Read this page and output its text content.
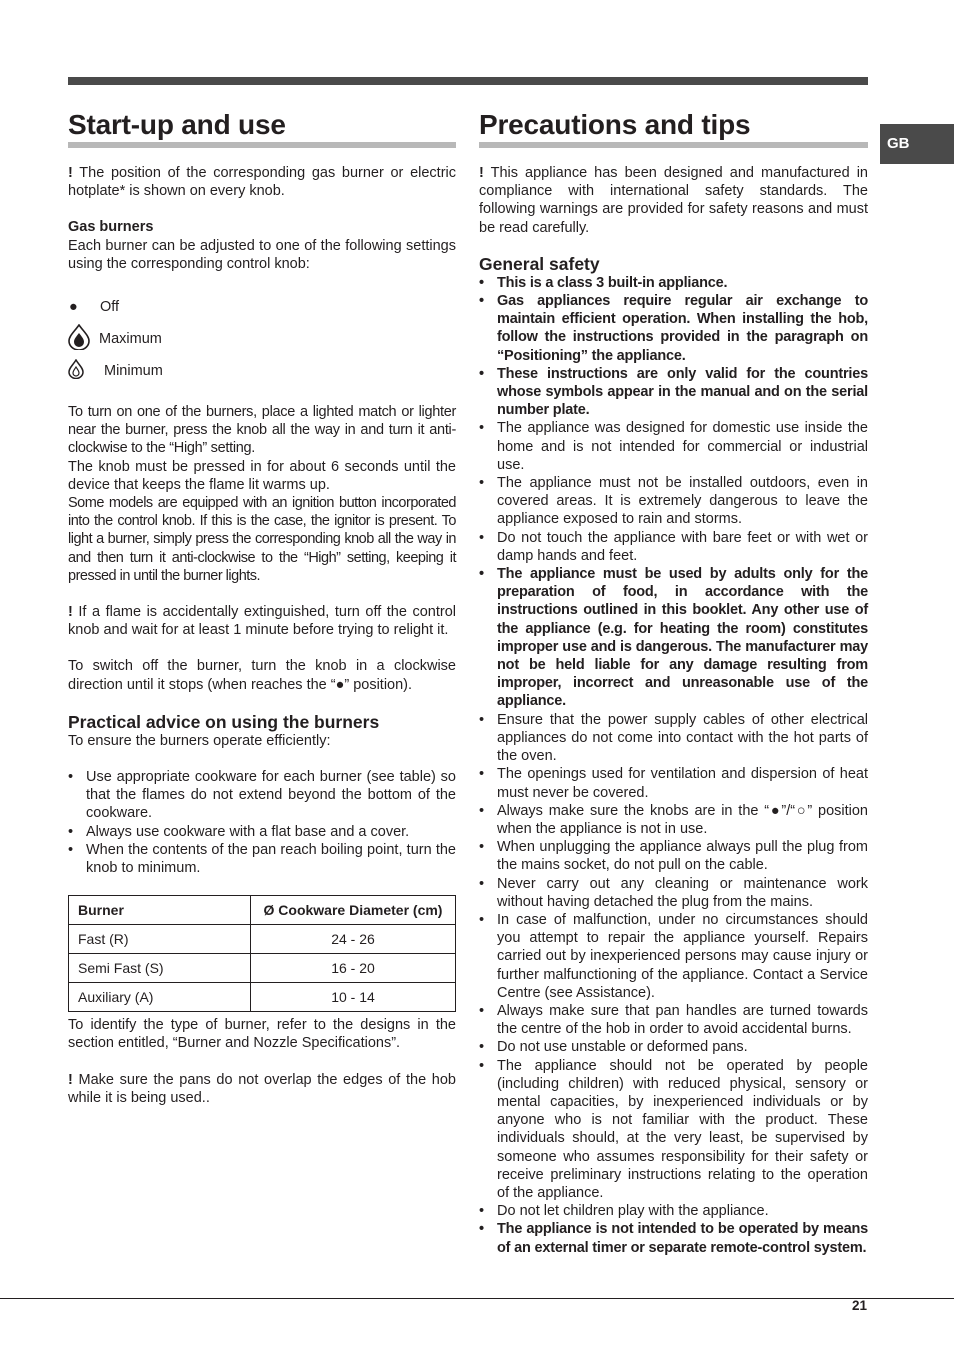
GB
Start-up and use

! The position of the corresponding gas burner or electric hotplate* is shown on every knob.

Gas burners

Each burner can be adjusted to one of the following settings using the corresponding control knob:

●	Off
Maximum
Minimum

To turn on one of the burners, place a lighted match or lighter near the burner, press the knob all the way in and turn it anti-clockwise to the “High” setting.

The knob must be pressed in for about 6 seconds until the device that keeps the flame lit warms up.

Some models are equipped with an ignition button incorporated into the control knob. If this is the case, the ignitor is present. To light a burner, simply press the corresponding knob all the way in and then turn it anti-clockwise to the “High” setting, keeping it pressed in until the burner lights.

! If a flame is accidentally extinguished, turn off the control knob and wait for at least 1 minute before trying to relight it.

To switch off the burner, turn the knob in a clockwise direction until it stops (when reaches the “●” position).

Practical advice on using the burners

To ensure the burners operate efficiently:

• Use appropriate cookware for each burner (see table) so that the flames do not extend beyond the bottom of the cookware.
• Always use cookware with a flat base and a cover.
• When the contents of the pan reach boiling point, turn the knob to minimum.
Burner	Ø Cookware Diameter (cm)
Fast (R)	24 - 26
Semi Fast (S)	16 - 20
Auxiliary (A)	10 - 14

To identify the type of burner, refer to the designs in the section entitled, “Burner and Nozzle Specifications”.

! Make sure the pans do not overlap the edges of the hob while it is being used..

Precautions and tips

! This appliance has been designed and manufactured in compliance with international safety standards. The following warnings are provided for safety reasons and must be read carefully.

General safety
• This is a class 3 built-in appliance.
• Gas appliances require regular air exchange to maintain efficient operation. When installing the hob, follow the instructions provided in the paragraph on “Positioning” the appliance.
• These instructions are only valid for the countries whose symbols appear in the manual and on the serial number plate.
• The appliance was designed for domestic use inside the home and is not intended for commercial or industrial use.
• The appliance must not be installed outdoors, even in covered areas. It is extremely dangerous to leave the appliance exposed to rain and storms.
• Do not touch the appliance with bare feet or with wet or damp hands and feet.
• The appliance must be used by adults only for the preparation of food, in accordance with the instructions outlined in this booklet. Any other use of the appliance (e.g. for heating the room) constitutes improper use and is dangerous. The manufacturer may not be held liable for any damage resulting from improper, incorrect and unreasonable use of the appliance.
• Ensure that the power supply cables of other electrical appliances do not come into contact with the hot parts of the oven.
• The openings used for ventilation and dispersion of heat must never be covered.
• Always make sure the knobs are in the “●”/“○” position when the appliance is not in use.
• When unplugging the appliance always pull the plug from the mains socket, do not pull on the cable.
• Never carry out any cleaning or maintenance work without having detached the plug from the mains.
• In case of malfunction, under no circumstances should you attempt to repair the appliance yourself. Repairs carried out by inexperienced persons may cause injury or further malfunctioning of the appliance. Contact a Service Centre (see Assistance).
• Always make sure that pan handles are turned towards the centre of the hob in order to avoid accidental burns.
• Do not use unstable or deformed pans.
• The appliance should not be operated by people (including children) with reduced physical, sensory or mental capacities, by inexperienced individuals or by anyone who is not familiar with the product. These individuals should, at the very least, be supervised by someone who assumes responsibility for their safety or receive preliminary instructions relating to the operation of the appliance.
• Do not let children play with the appliance.
• The appliance is not intended to be operated by means of an external timer or separate remote-control system.
21
